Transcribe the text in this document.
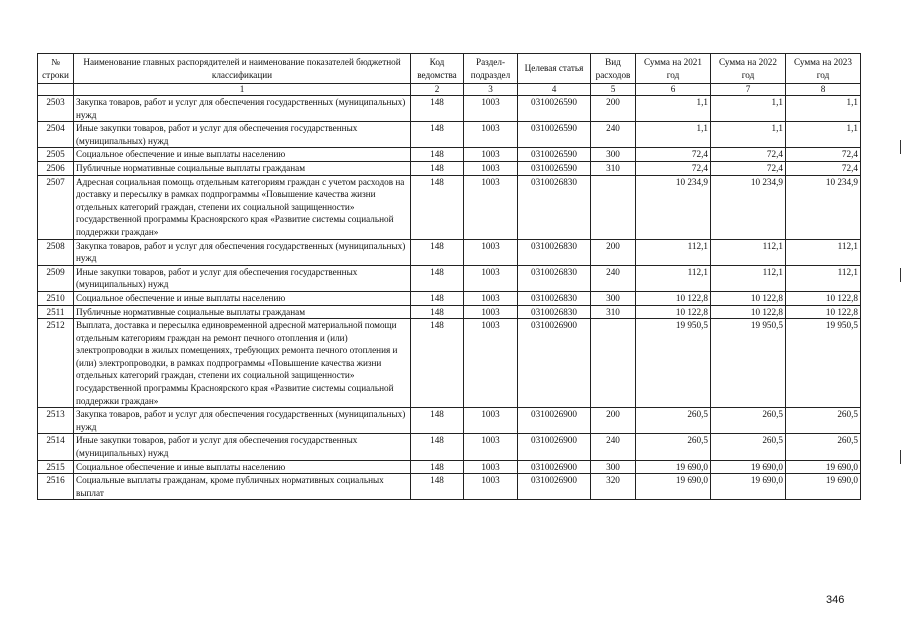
№ строки	Наименование главных распорядителей и наименование показателей бюджетной классификации	Код ведомства	Раздел-подраздел	Целевая статья	Вид расходов	Сумма на 2021 год	Сумма на 2022 год	Сумма на 2023 год
	1	2	3	4	5	6	7	8
2503	Закупка товаров, работ и услуг для обеспечения государственных (муниципальных) нужд	148	1003	0310026590	200	1,1	1,1	1,1
2504	Иные закупки товаров, работ и услуг для обеспечения государственных (муниципальных) нужд	148	1003	0310026590	240	1,1	1,1	1,1
2505	Социальное обеспечение и иные выплаты населению	148	1003	0310026590	300	72,4	72,4	72,4
2506	Публичные нормативные социальные выплаты гражданам	148	1003	0310026590	310	72,4	72,4	72,4
2507	Адресная социальная помощь отдельным категориям граждан с учетом расходов на доставку и пересылку в рамках подпрограммы «Повышение качества жизни отдельных категорий граждан, степени их социальной защищенности» государственной программы Красноярского края «Развитие системы социальной поддержки граждан»	148	1003	0310026830		10 234,9	10 234,9	10 234,9
2508	Закупка товаров, работ и услуг для обеспечения государственных (муниципальных) нужд	148	1003	0310026830	200	112,1	112,1	112,1
2509	Иные закупки товаров, работ и услуг для обеспечения государственных (муниципальных) нужд	148	1003	0310026830	240	112,1	112,1	112,1
2510	Социальное обеспечение и иные выплаты населению	148	1003	0310026830	300	10 122,8	10 122,8	10 122,8
2511	Публичные нормативные социальные выплаты гражданам	148	1003	0310026830	310	10 122,8	10 122,8	10 122,8
2512	Выплата, доставка и пересылка единовременной адресной материальной помощи отдельным категориям граждан на ремонт печного отопления и (или) электропроводки в жилых помещениях, требующих ремонта печного отопления и (или) электропроводки, в рамках подпрограммы «Повышение качества жизни отдельных категорий граждан, степени их социальной защищенности» государственной программы Красноярского края «Развитие системы социальной поддержки граждан»	148	1003	0310026900		19 950,5	19 950,5	19 950,5
2513	Закупка товаров, работ и услуг для обеспечения государственных (муниципальных) нужд	148	1003	0310026900	200	260,5	260,5	260,5
2514	Иные закупки товаров, работ и услуг для обеспечения государственных (муниципальных) нужд	148	1003	0310026900	240	260,5	260,5	260,5
2515	Социальное обеспечение и иные выплаты населению	148	1003	0310026900	300	19 690,0	19 690,0	19 690,0
2516	Социальные выплаты гражданам, кроме публичных нормативных социальных выплат	148	1003	0310026900	320	19 690,0	19 690,0	19 690,0
346
